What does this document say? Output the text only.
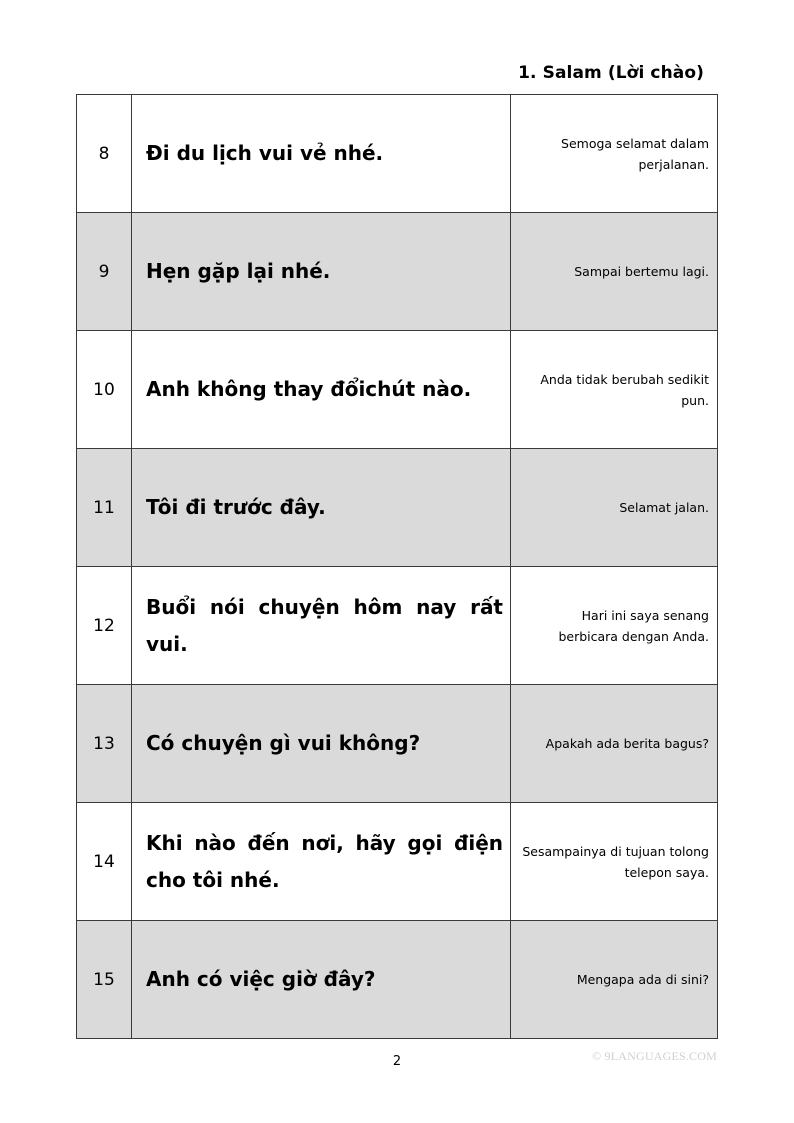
1. Salam (Lời chào)
8	Đi du lịch vui vẻ nhé.	Semoga selamat dalam perjalanan.
9	Hẹn gặp lại nhé.	Sampai bertemu lagi.
10	Anh không thay đổichút nào.	Anda tidak berubah sedikit pun.
11	Tôi đi trước đây.	Selamat jalan.
12	Buổi nói chuyện hôm nay rất vui.	Hari ini saya senang berbicara dengan Anda.
13	Có chuyện gì vui không?	Apakah ada berita bagus?
14	Khi nào đến nơi, hãy gọi điện cho tôi nhé.	Sesampainya di tujuan tolong telepon saya.
15	Anh có việc giờ đây?	Mengapa ada di sini?
2	© 9LANGUAGES.COM
